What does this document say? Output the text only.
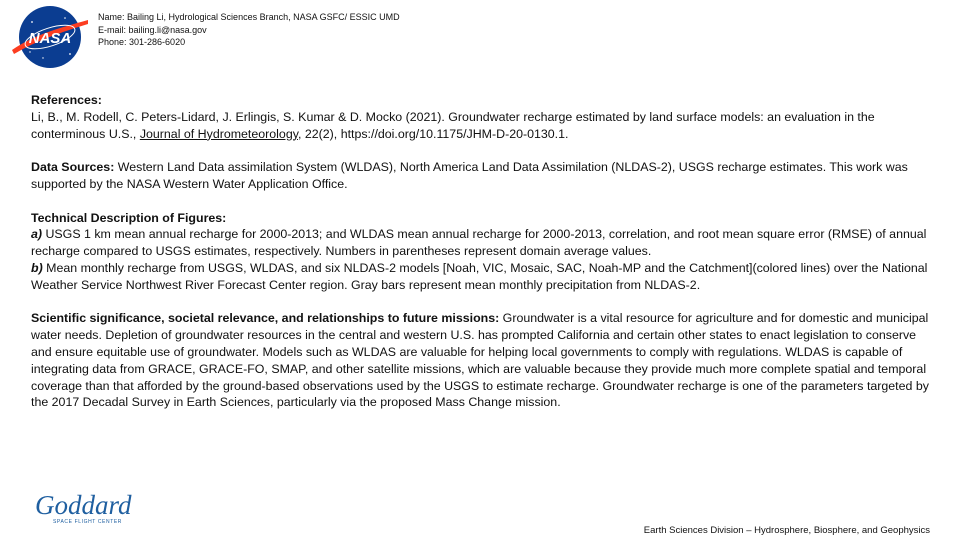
NASA
Name: Bailing Li, Hydrological Sciences Branch, NASA GSFC/ ESSIC UMD
E-mail: bailing.li@nasa.gov
Phone: 301-286-6020

References:
Li, B., M. Rodell, C. Peters-Lidard, J. Erlingis, S. Kumar & D. Mocko (2021). Groundwater recharge estimated by land surface models: an evaluation in the conterminous U.S., Journal of Hydrometeorology, 22(2), https://doi.org/10.1175/JHM-D-20-0130.1.

Data Sources: Western Land Data assimilation System (WLDAS), North America Land Data Assimilation (NLDAS-2), USGS recharge estimates. This work was supported by the NASA Western Water Application Office.

Technical Description of Figures:
a) USGS 1 km mean annual recharge for 2000-2013; and WLDAS mean annual recharge for 2000-2013, correlation, and root mean square error (RMSE) of annual recharge compared to USGS estimates, respectively. Numbers in parentheses represent domain average values.
b) Mean monthly recharge from USGS, WLDAS, and six NLDAS-2 models [Noah, VIC, Mosaic, SAC, Noah-MP and the Catchment](colored lines) over the National Weather Service Northwest River Forecast Center region. Gray bars represent mean monthly precipitation from NLDAS-2.

Scientific significance, societal relevance, and relationships to future missions: Groundwater is a vital resource for agriculture and for domestic and municipal water needs. Depletion of groundwater resources in the central and western U.S. has prompted California and certain other states to enact legislation to conserve and ensure equitable use of groundwater. Models such as WLDAS are valuable for helping local governments to comply with regulations. WLDAS is capable of integrating data from GRACE, GRACE-FO, SMAP, and other satellite missions, which are valuable because they provide much more complete spatial and temporal coverage than that afforded by the ground-based observations used by the USGS to estimate recharge. Groundwater recharge is one of the parameters targeted by the 2017 Decadal Survey in Earth Sciences, particularly via the proposed Mass Change mission.

Goddard
SPACE FLIGHT CENTER
Earth Sciences Division – Hydrosphere, Biosphere, and Geophysics
